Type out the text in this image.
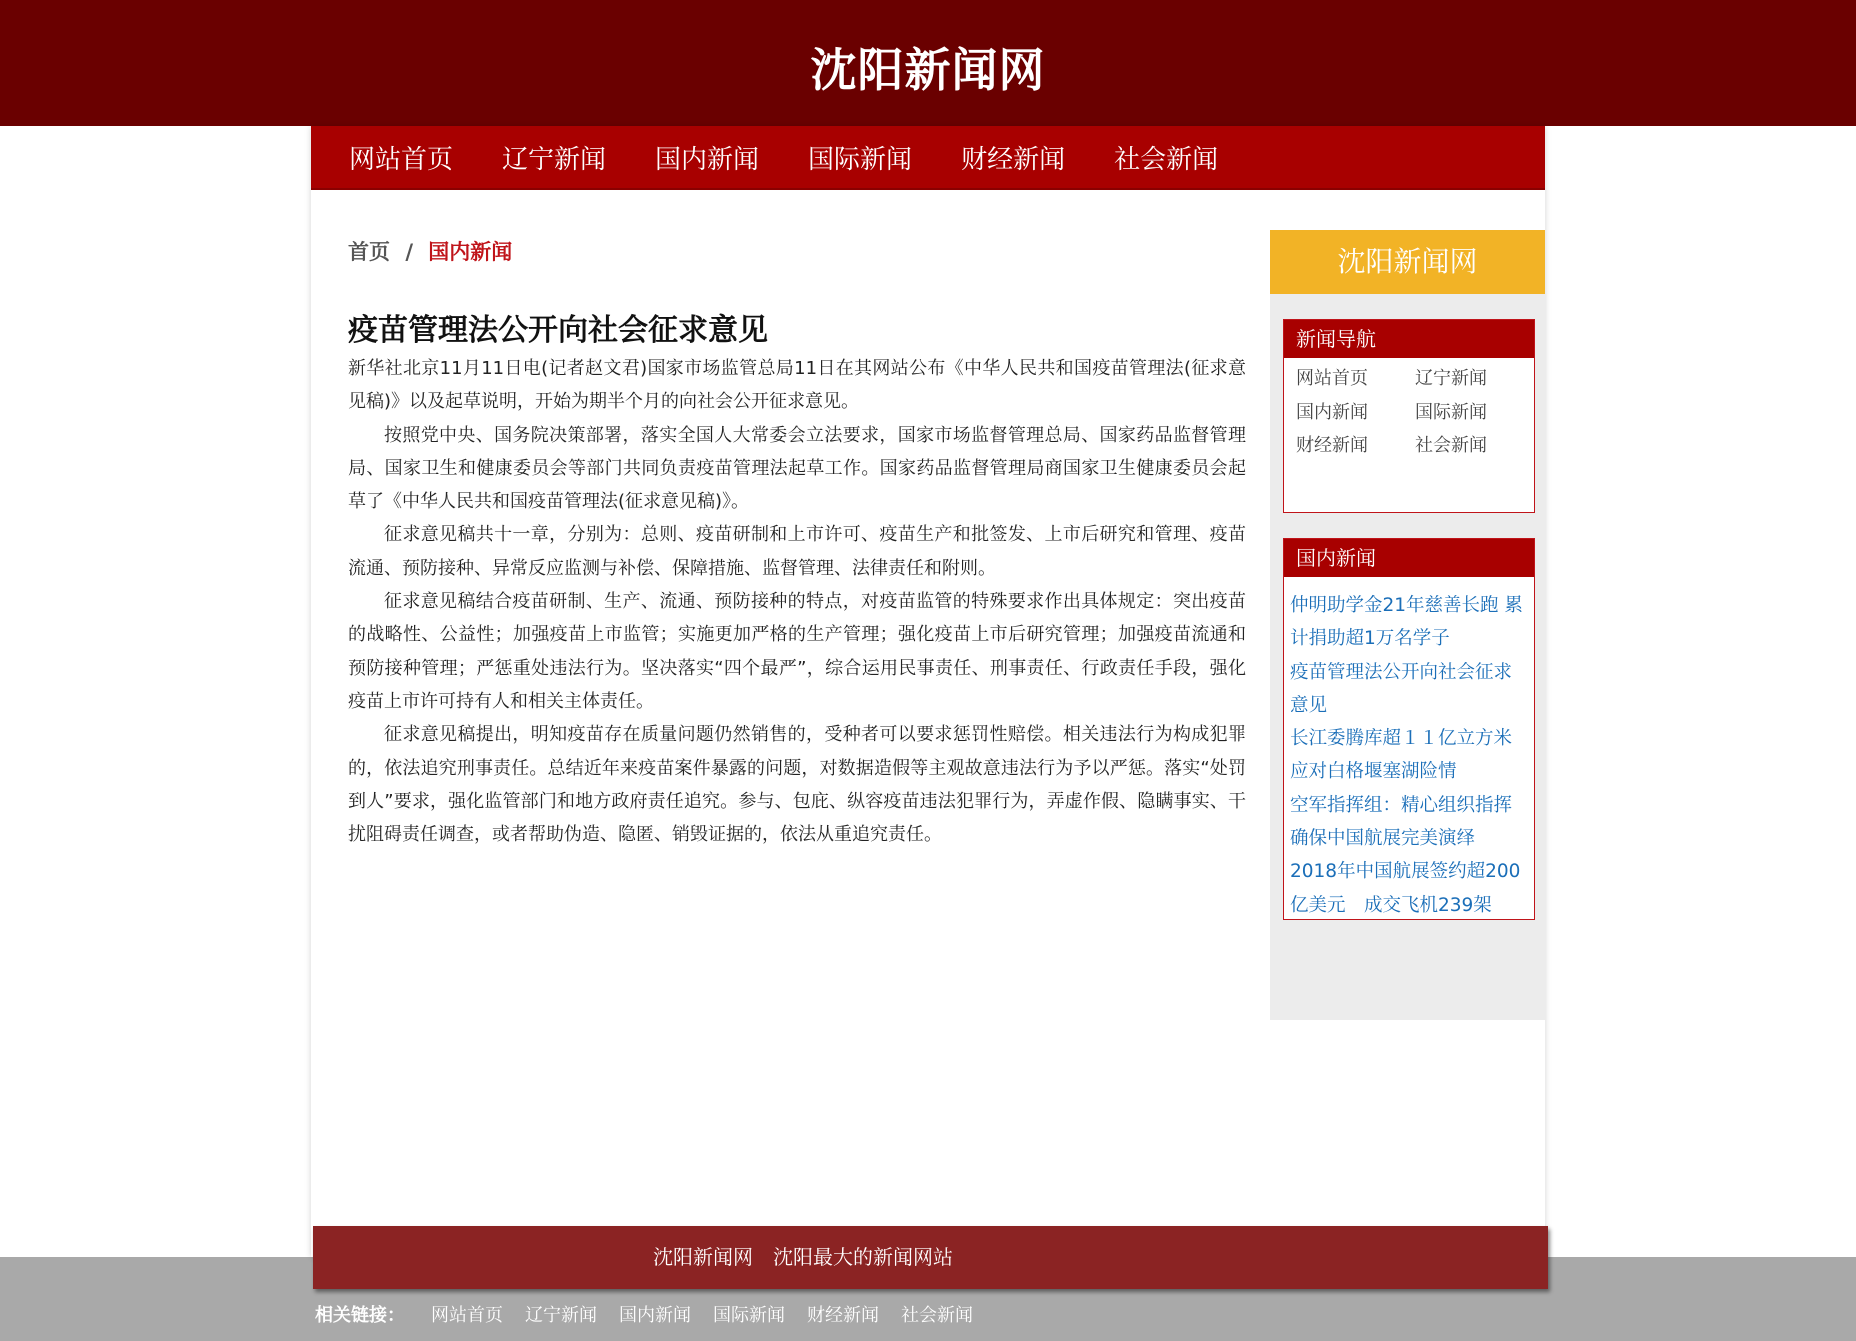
沈阳新闻网
网站首页 辽宁新闻 国内新闻 国际新闻 财经新闻 社会新闻
首页 / 国内新闻
疫苗管理法公开向社会征求意见

新华社北京11月11日电(记者赵文君)国家市场监管总局11日在其网站公布《中华人民共和国疫苗管理法(征求意见稿)》以及起草说明，开始为期半个月的向社会公开征求意见。

按照党中央、国务院决策部署，落实全国人大常委会立法要求，国家市场监督管理总局、国家药品监督管理局、国家卫生和健康委员会等部门共同负责疫苗管理法起草工作。国家药品监督管理局商国家卫生健康委员会起草了《中华人民共和国疫苗管理法(征求意见稿)》。

征求意见稿共十一章，分别为：总则、疫苗研制和上市许可、疫苗生产和批签发、上市后研究和管理、疫苗流通、预防接种、异常反应监测与补偿、保障措施、监督管理、法律责任和附则。

征求意见稿结合疫苗研制、生产、流通、预防接种的特点，对疫苗监管的特殊要求作出具体规定：突出疫苗的战略性、公益性；加强疫苗上市监管；实施更加严格的生产管理；强化疫苗上市后研究管理；加强疫苗流通和预防接种管理；严惩重处违法行为。坚决落实“四个最严”，综合运用民事责任、刑事责任、行政责任手段，强化疫苗上市许可持有人和相关主体责任。

征求意见稿提出，明知疫苗存在质量问题仍然销售的，受种者可以要求惩罚性赔偿。相关违法行为构成犯罪的，依法追究刑事责任。总结近年来疫苗案件暴露的问题，对数据造假等主观故意违法行为予以严惩。落实“处罚到人”要求，强化监管部门和地方政府责任追究。参与、包庇、纵容疫苗违法犯罪行为，弄虚作假、隐瞒事实、干扰阻碍责任调查，或者帮助伪造、隐匿、销毁证据的，依法从重追究责任。

沈阳新闻网
新闻导航
网站首页	辽宁新闻
国内新闻	国际新闻
财经新闻	社会新闻
国内新闻
仲明助学金21年慈善长跑 累计捐助超1万名学子
疫苗管理法公开向社会征求意见
长江委腾库超１１亿立方米应对白格堰塞湖险情
空军指挥组：精心组织指挥确保中国航展完美演绎
2018年中国航展签约超200亿美元　成交飞机239架
沈阳新闻网　 沈阳最大的新闻网站
相关链接： 网站首页 辽宁新闻 国内新闻 国际新闻 财经新闻 社会新闻
